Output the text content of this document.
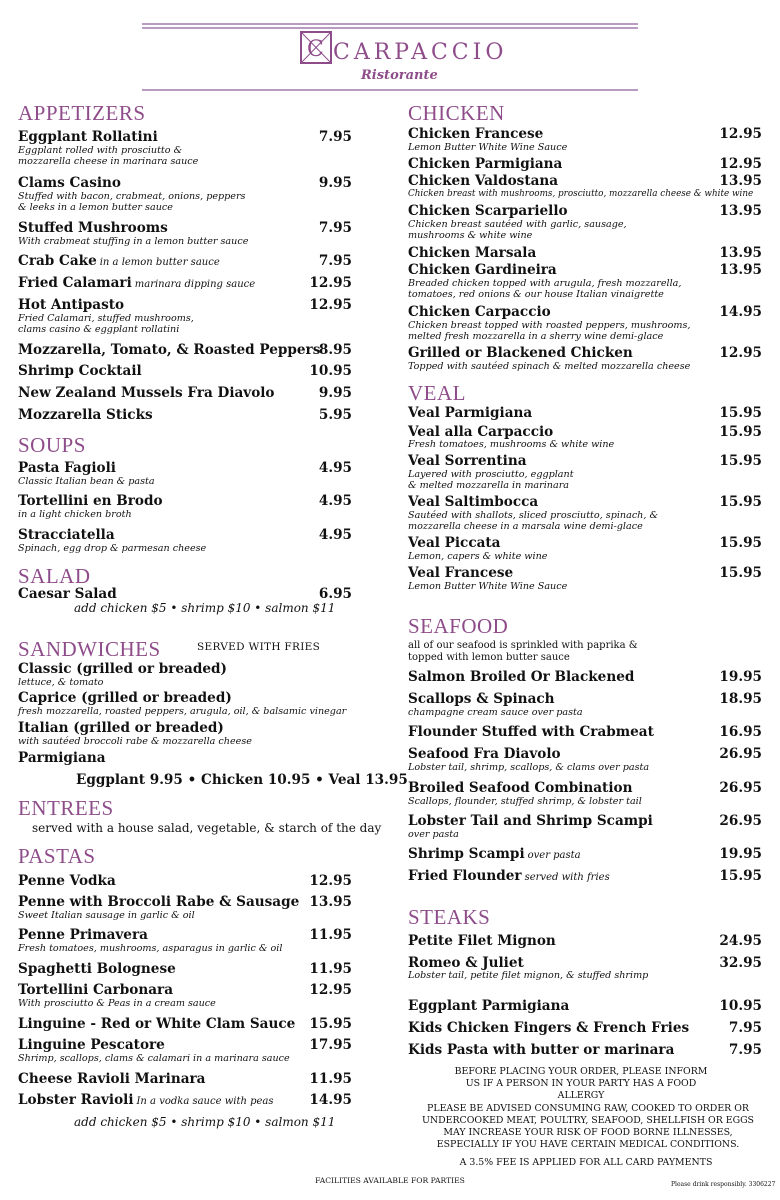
C CARPACCIO
Ristorante
APPETIZERS
Eggplant Rollatini	7.95
Eggplant rolled with prosciutto &
mozzarella cheese in marinara sauce
Clams Casino	9.95
Stuffed with bacon, crabmeat, onions, peppers
& leeks in a lemon butter sauce
Stuffed Mushrooms	7.95
With crabmeat stuffing in a lemon butter sauce
Crab Cake in a lemon butter sauce	7.95
Fried Calamari marinara dipping sauce	12.95
Hot Antipasto	12.95
Fried Calamari, stuffed mushrooms,
clams casino & eggplant rollatini
Mozzarella, Tomato, & Roasted Peppers
8.95
Shrimp Cocktail	10.95
New Zealand Mussels Fra Diavolo	9.95
Mozzarella Sticks	5.95
SOUPS
Pasta Fagioli	4.95
Classic Italian bean & pasta
Tortellini en Brodo	4.95
in a light chicken broth
Stracciatella	4.95
Spinach, egg drop & parmesan cheese
SALAD
Caesar Salad	6.95
add chicken $5 • shrimp $10 • salmon $11
SANDWICHES	SERVED WITH FRIES
Classic (grilled or breaded)
lettuce, & tomato
Caprice (grilled or breaded)
fresh mozzarella, roasted peppers, arugula, oil, & balsamic vinegar
Italian (grilled or breaded)
with sautéed broccoli rabe & mozzarella cheese
Parmigiana
Eggplant 9.95 • Chicken 10.95 • Veal 13.95
ENTREES
served with a house salad, vegetable, & starch of the day
PASTAS
Penne Vodka	12.95
Penne with Broccoli Rabe & Sausage 13.95
Sweet Italian sausage in garlic & oil
Penne Primavera	11.95
Fresh tomatoes, mushrooms, asparagus in garlic & oil
Spaghetti Bolognese	11.95
Tortellini Carbonara	12.95
With prosciutto & Peas in a cream sauce
Linguine - Red or White Clam Sauce	15.95
Linguine Pescatore	17.95
Shrimp, scallops, clams & calamari in a marinara sauce
Cheese Ravioli Marinara	11.95
Lobster Ravioli In a vodka sauce with peas	14.95
add chicken $5 • shrimp $10 • salmon $11
CHICKEN
Chicken Francese	12.95
Lemon Butter White Wine Sauce
Chicken Parmigiana	12.95
Chicken Valdostana	13.95
Chicken breast with mushrooms, prosciutto, mozzarella cheese & white wine
Chicken Scarpariello	13.95
Chicken breast sautéed with garlic, sausage,
mushrooms & white wine
Chicken Marsala	13.95
Chicken Gardineira	13.95
Breaded chicken topped with arugula, fresh mozzarella,
tomatoes, red onions & our house Italian vinaigrette
Chicken Carpaccio	14.95
Chicken breast topped with roasted peppers, mushrooms,
melted fresh mozzarella in a sherry wine demi-glace
Grilled or Blackened Chicken	12.95
Topped with sautéed spinach & melted mozzarella cheese
VEAL
Veal Parmigiana	15.95
Veal alla Carpaccio	15.95
Fresh tomatoes, mushrooms & white wine
Veal Sorrentina	15.95
Layered with prosciutto, eggplant
& melted mozzarella in marinara
Veal Saltimbocca	15.95
Sautéed with shallots, sliced prosciutto, spinach, &
mozzarella cheese in a marsala wine demi-glace
Veal Piccata	15.95
Lemon, capers & white wine
Veal Francese	15.95
Lemon Butter White Wine Sauce
SEAFOOD
all of our seafood is sprinkled with paprika &
topped with lemon butter sauce
Salmon Broiled Or Blackened	19.95
Scallops & Spinach	18.95
champagne cream sauce over pasta
Flounder Stuffed with Crabmeat	16.95
Seafood Fra Diavolo	26.95
Lobster tail, shrimp, scallops, & clams over pasta
Broiled Seafood Combination	26.95
Scallops, flounder, stuffed shrimp, & lobster tail
Lobster Tail and Shrimp Scampi	26.95
over pasta
Shrimp Scampi over pasta	19.95
Fried Flounder served with fries	15.95
STEAKS
Petite Filet Mignon	24.95
Romeo & Juliet	32.95
Lobster tail, petite filet mignon, & stuffed shrimp
Eggplant Parmigiana	10.95
Kids Chicken Fingers & French Fries	7.95
Kids Pasta with butter or marinara	7.95
BEFORE PLACING YOUR ORDER, PLEASE INFORM US IF A PERSON IN YOUR PARTY HAS A FOOD ALLERGY
PLEASE BE ADVISED CONSUMING RAW, COOKED TO ORDER OR UNDERCOOKED MEAT, POULTRY, SEAFOOD, SHELLFISH OR EGGS MAY INCREASE YOUR RISK OF FOOD BORNE ILLNESSES, ESPECIALLY IF YOU HAVE CERTAIN MEDICAL CONDITIONS.
A 3.5% FEE IS APPLIED FOR ALL CARD PAYMENTS
FACILITIES AVAILABLE FOR PARTIES	Please drink responsibly. 3306227
